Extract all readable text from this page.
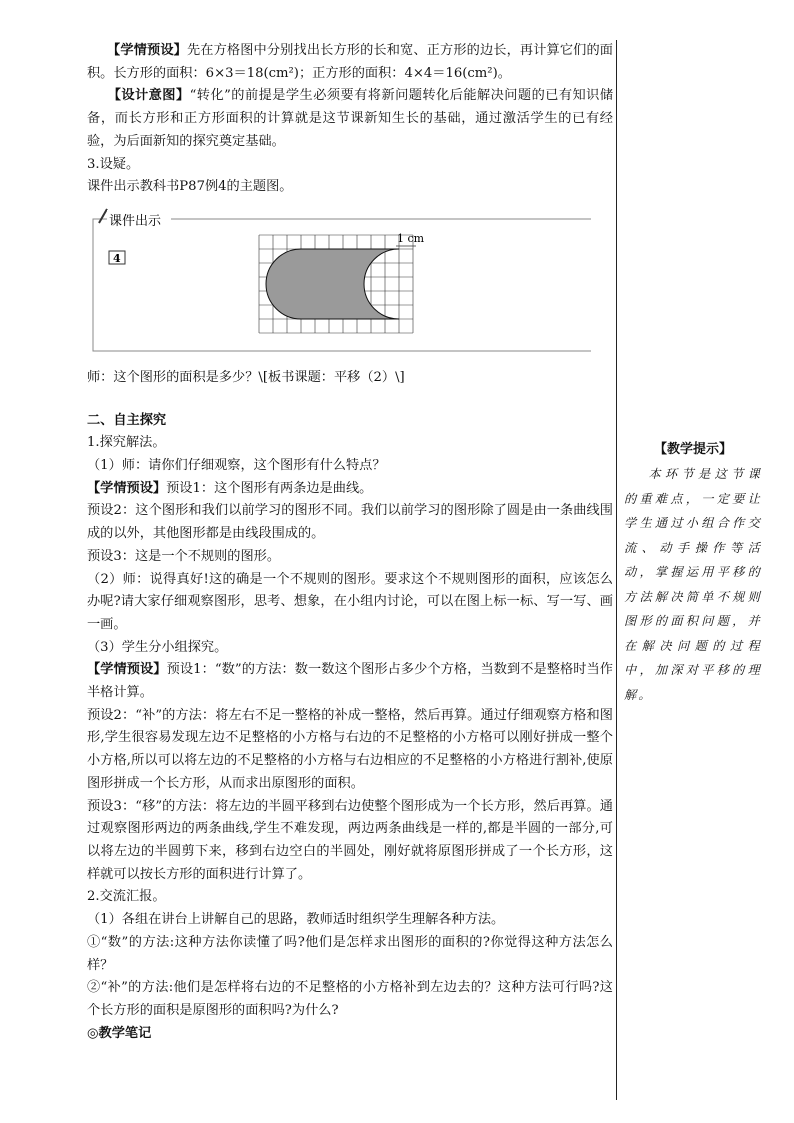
　　【学情预设】先在方格图中分别找出长方形的长和宽、正方形的边长，再计算它们的面积。长方形的面积：6×3＝18(cm²)；正方形的面积：4×4＝16(cm²)。

　　【设计意图】“转化”的前提是学生必须要有将新问题转化后能解决问题的已有知识储备，而长方形和正方形面积的计算就是这节课新知生长的基础，通过激活学生的已有经验，为后面新知的探究奠定基础。

3.设疑。

课件出示教科书P87例4的主题图。

课件出示
4
1 cm

师：这个图形的面积是多少？\[板书课题：平移（2）\]

二、自主探究

1.探究解法。

（1）师：请你们仔细观察，这个图形有什么特点？

【学情预设】预设1：这个图形有两条边是曲线。

预设2：这个图形和我们以前学习的图形不同。我们以前学习的图形除了圆是由一条曲线围成的以外，其他图形都是由线段围成的。

预设3：这是一个不规则的图形。

（2）师：说得真好!这的确是一个不规则的图形。要求这个不规则图形的面积，应该怎么办呢?请大家仔细观察图形，思考、想象，在小组内讨论，可以在图上标一标、写一写、画一画。

（3）学生分小组探究。

【学情预设】预设1：“数”的方法：数一数这个图形占多少个方格，当数到不是整格时当作半格计算。

预设2：“补”的方法：将左右不足一整格的补成一整格，然后再算。通过仔细观察方格和图形,学生很容易发现左边不足整格的小方格与右边的不足整格的小方格可以刚好拼成一整个小方格,所以可以将左边的不足整格的小方格与右边相应的不足整格的小方格进行割补,使原图形拼成一个长方形，从而求出原图形的面积。

预设3：“移”的方法：将左边的半圆平移到右边使整个图形成为一个长方形，然后再算。通过观察图形两边的两条曲线,学生不难发现，两边两条曲线是一样的,都是半圆的一部分,可以将左边的半圆剪下来，移到右边空白的半圆处，刚好就将原图形拼成了一个长方形，这样就可以按长方形的面积进行计算了。

2.交流汇报。

（1）各组在讲台上讲解自己的思路，教师适时组织学生理解各种方法。

①“数”的方法:这种方法你读懂了吗?他们是怎样求出图形的面积的?你觉得这种方法怎么样？

②“补”的方法:他们是怎样将右边的不足整格的小方格补到左边去的？这种方法可行吗?这个长方形的面积是原图形的面积吗?为什么?

◎教学笔记

【教学提示】

本环节是这节课的重难点，一定要让学生通过小组合作交流、动手操作等活动，掌握运用平移的方法解决简单不规则图形的面积问题，并在解决问题的过程中，加深对平移的理解。
